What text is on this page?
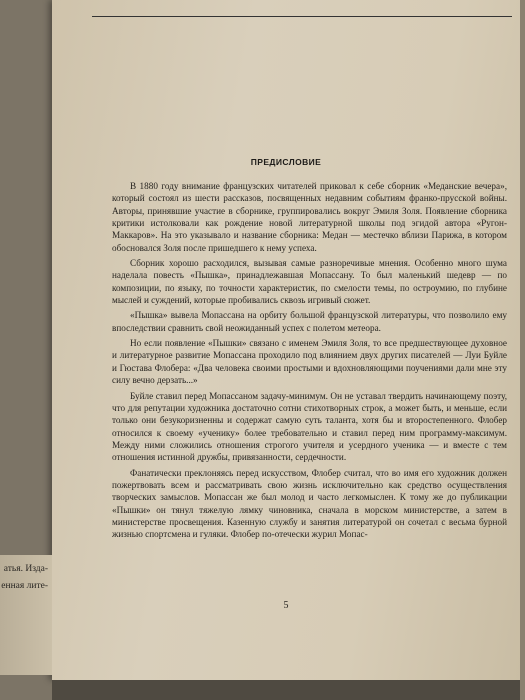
ПРЕДИСЛОВИЕ

В 1880 году внимание французских читателей приковал к себе сборник «Меданские вечера», который состоял из шести рассказов, посвященных недавним событиям франко-прусской войны. Авторы, принявшие участие в сборнике, группировались вокруг Эмиля Золя. Появление сборника критики истолковали как рождение новой литературной школы под эгидой автора «Ругон-Маккаров». На это указывало и название сборника: Медан — местечко вблизи Парижа, в котором обосновался Золя после пришедшего к нему успеха.

Сборник хорошо расходился, вызывая самые разноречивые мнения. Особенно много шума наделала повесть «Пышка», принадлежавшая Мопассану. То был маленький шедевр — по композиции, по языку, по точности характеристик, по смелости темы, по остроумию, по глубине мыслей и суждений, которые пробивались сквозь игривый сюжет.

«Пышка» вывела Мопассана на орбиту большой французской литературы, что позволило ему впоследствии сравнить свой неожиданный успех с полетом метеора.

Но если появление «Пышки» связано с именем Эмиля Золя, то все предшествующее духовное и литературное развитие Мопассана проходило под влиянием двух других писателей — Луи Буйле и Гюстава Флобера: «Два человека своими простыми и вдохновляющими поучениями дали мне эту силу вечно дерзать...»

Буйле ставил перед Мопассаном задачу-минимум. Он не уставал твердить начинающему поэту, что для репутации художника достаточно сотни стихотворных строк, а может быть, и меньше, если только они безукоризненны и содержат самую суть таланта, хотя бы и второстепенного. Флобер относился к своему «ученику» более требовательно и ставил перед ним программу-максимум. Между ними сложились отношения строгого учителя и усердного ученика — и вместе с тем отношения истинной дружбы, привязанности, сердечности.

Фанатически преклоняясь перед искусством, Флобер считал, что во имя его художник должен пожертвовать всем и рассматривать свою жизнь исключительно как средство осуществления творческих замыслов. Мопассан же был молод и часто легкомыслен. К тому же до публикации «Пышки» он тянул тяжелую лямку чиновника, сначала в морском министерстве, а затем в министерстве просвещения. Казенную службу и занятия литературой он сочетал с весьма бурной жизнью спортсмена и гуляки. Флобер по-отечески журил Мопас-

5
атья. Изда-
енная лите-
